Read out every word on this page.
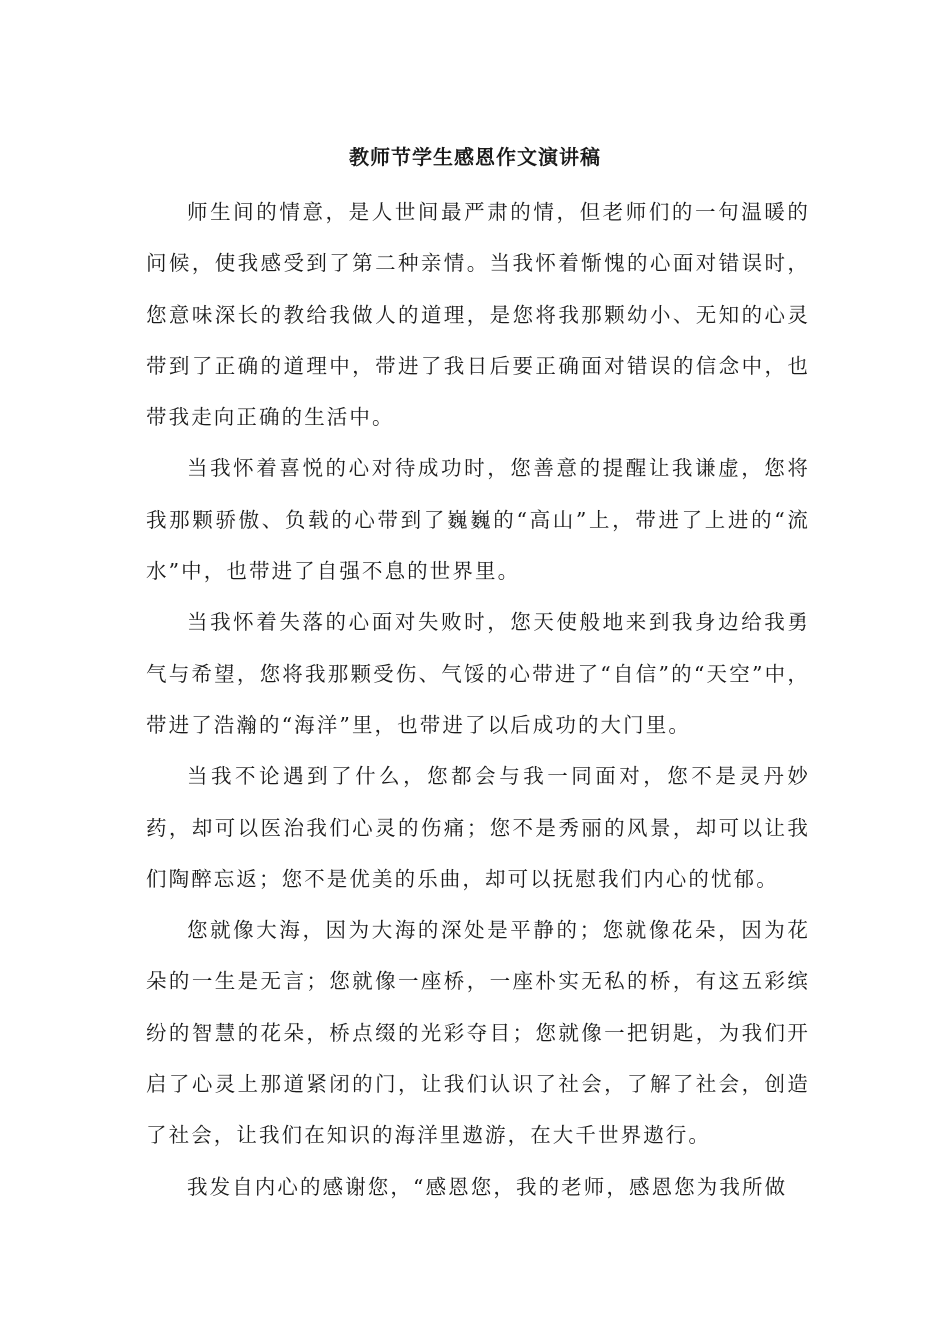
教师节学生感恩作文演讲稿

师生间的情意，是人世间最严肃的情，但老师们的一句温暖的问候，使我感受到了第二种亲情。当我怀着惭愧的心面对错误时，您意味深长的教给我做人的道理，是您将我那颗幼小、无知的心灵带到了正确的道理中，带进了我日后要正确面对错误的信念中，也带我走向正确的生活中。

当我怀着喜悦的心对待成功时，您善意的提醒让我谦虚，您将我那颗骄傲、负载的心带到了巍巍的“高山”上，带进了上进的“流水”中，也带进了自强不息的世界里。

当我怀着失落的心面对失败时，您天使般地来到我身边给我勇气与希望，您将我那颗受伤、气馁的心带进了“自信”的“天空”中，带进了浩瀚的“海洋”里，也带进了以后成功的大门里。

当我不论遇到了什么，您都会与我一同面对，您不是灵丹妙药，却可以医治我们心灵的伤痛；您不是秀丽的风景，却可以让我们陶醉忘返；您不是优美的乐曲，却可以抚慰我们内心的忧郁。

您就像大海，因为大海的深处是平静的；您就像花朵，因为花朵的一生是无言；您就像一座桥，一座朴实无私的桥，有这五彩缤纷的智慧的花朵，桥点缀的光彩夺目；您就像一把钥匙，为我们开启了心灵上那道紧闭的门，让我们认识了社会，了解了社会，创造了社会，让我们在知识的海洋里遨游，在大千世界遨行。

我发自内心的感谢您，“感恩您，我的老师，感恩您为我所做
